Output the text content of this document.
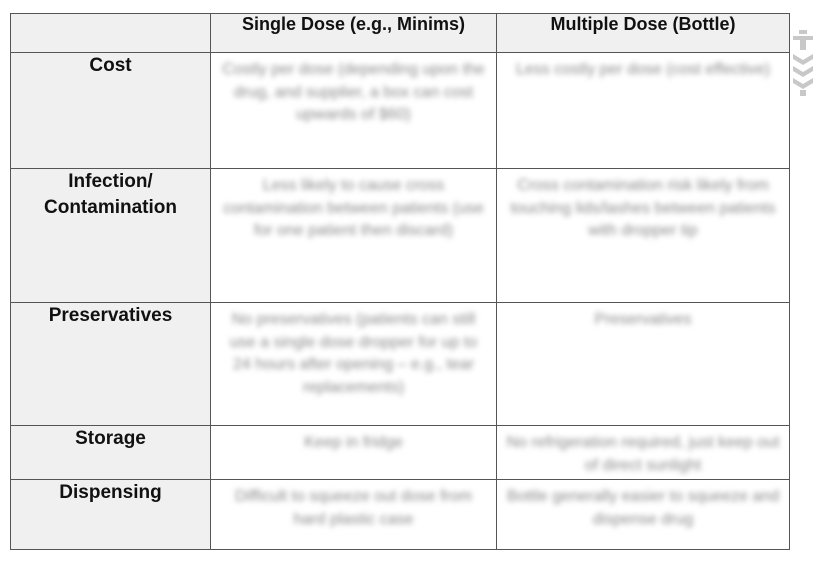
	Single Dose (e.g., Minims)	Multiple Dose (Bottle)
Cost	Costly per dose (depending upon the drug, and supplier, a box can cost upwards of $60)	Less costly per dose (cost effective)

Infection/
Contamination	Less likely to cause cross contamination between patients (use for one patient then discard)	Cross contamination risk likely from touching lids/lashes between patients with dropper tip

Preservatives	No preservatives (patients can still use a single dose dropper for up to 24 hours after opening – e.g., tear replacements)	Preservatives

Storage	Keep in fridge	No refrigeration required, just keep out of direct sunlight

Dispensing	Difficult to squeeze out dose from hard plastic case	Bottle generally easier to squeeze and dispense drug
